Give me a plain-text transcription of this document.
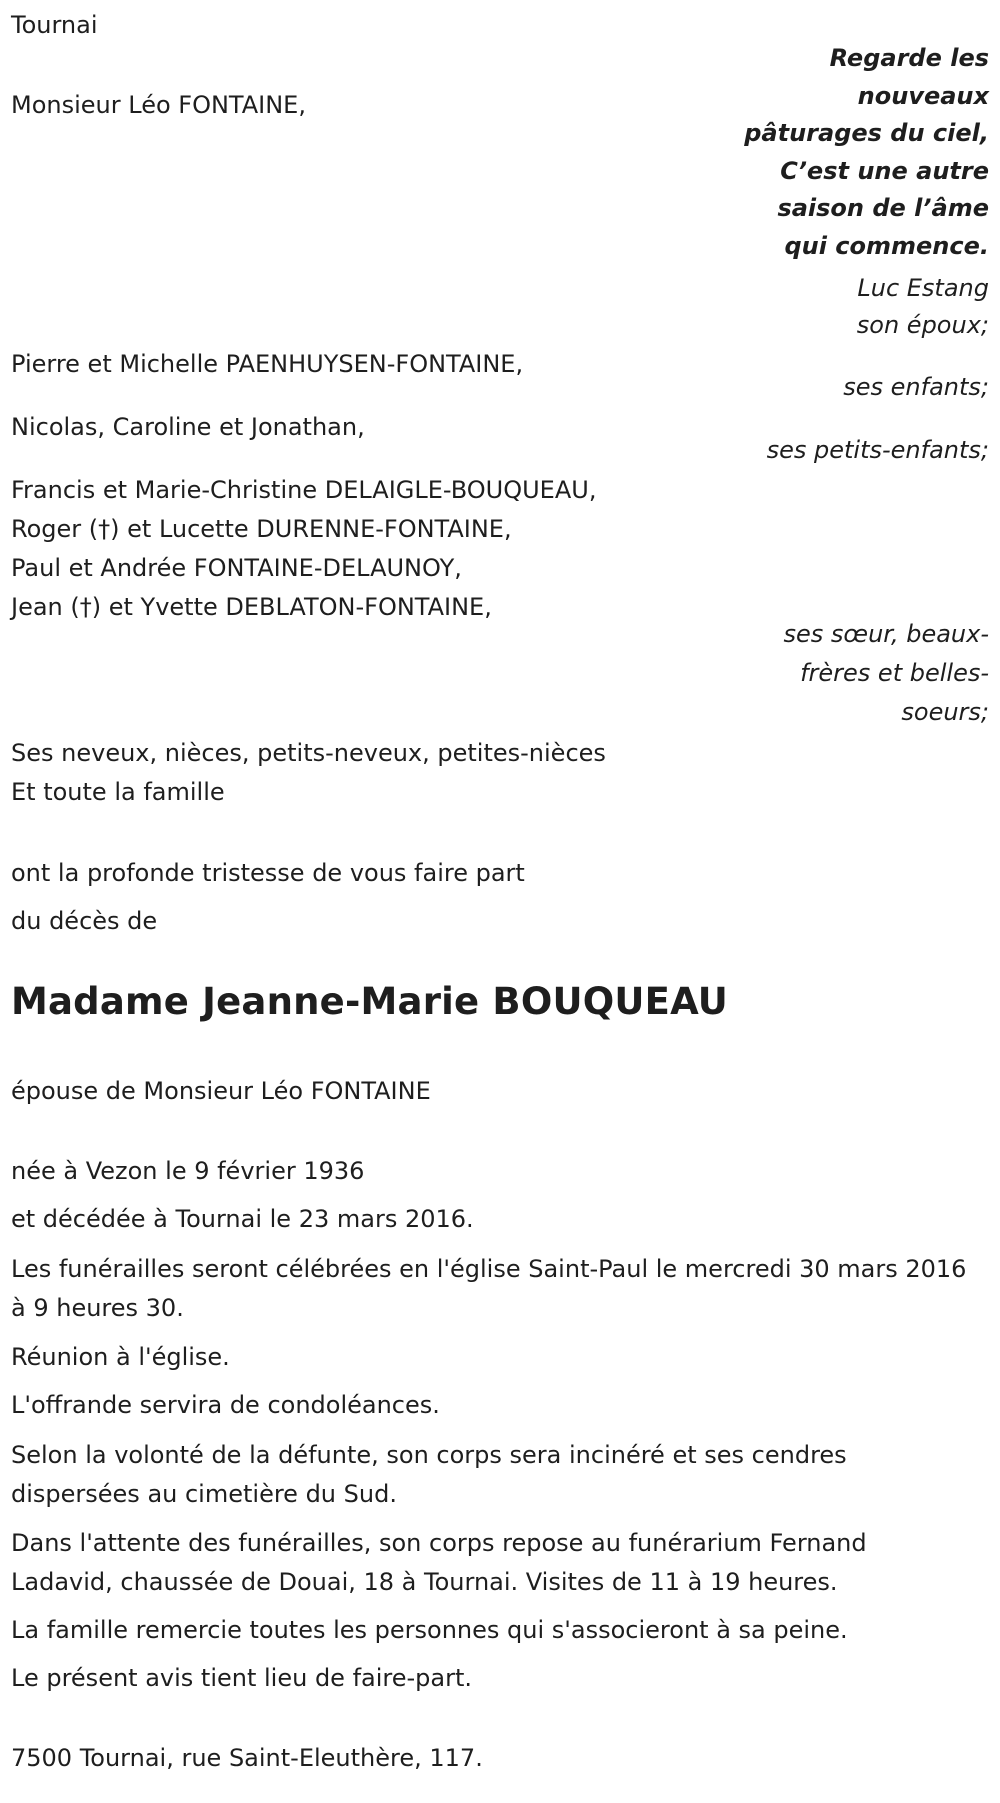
Tournai
Monsieur Léo FONTAINE,
Regarde les
nouveaux
pâturages du ciel,
C’est une autre
saison de l’âme
qui commence.
Luc Estang
son époux;
Pierre et Michelle PAENHUYSEN-FONTAINE,
ses enfants;
Nicolas, Caroline et Jonathan,
ses petits-enfants;
Francis et Marie-Christine DELAIGLE-BOUQUEAU,
Roger (†) et Lucette DURENNE-FONTAINE,
Paul et Andrée FONTAINE-DELAUNOY,
Jean (†) et Yvette DEBLATON-FONTAINE,
ses sœur, beaux-
frères et belles-
soeurs;
Ses neveux, nièces, petits-neveux, petites-nièces
Et toute la famille
ont la profonde tristesse de vous faire part
du décès de
Madame Jeanne-Marie BOUQUEAU
épouse de Monsieur Léo FONTAINE
née à Vezon le 9 février 1936
et décédée à Tournai le 23 mars 2016.
Les funérailles seront célébrées en l'église Saint-Paul le mercredi 30 mars 2016 à 9 heures 30.
Réunion à l'église.
L'offrande servira de condoléances.
Selon la volonté de la défunte, son corps sera incinéré et ses cendres dispersées au cimetière du Sud.
Dans l'attente des funérailles, son corps repose au funérarium Fernand Ladavid, chaussée de Douai, 18 à Tournai. Visites de 11 à 19 heures.
La famille remercie toutes les personnes qui s'associeront à sa peine.
Le présent avis tient lieu de faire-part.
7500 Tournai, rue Saint-Eleuthère, 117.
